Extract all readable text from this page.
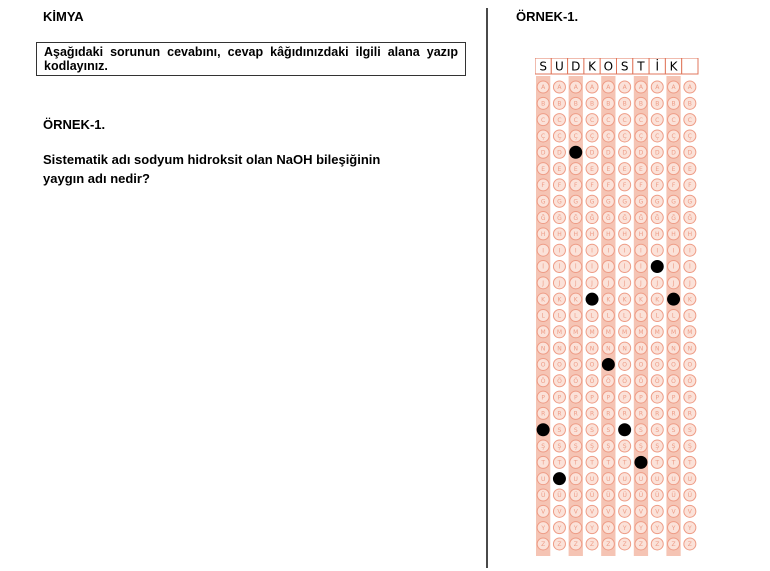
KİMYA
Aşağıdaki sorunun cevabını, cevap kâğıdınızdaki ilgili alana yazıp kodlayınız.
ÖRNEK-1.
Sistematik adı sodyum hidroksit olan NaOH bileşiğinin
yaygın adı nedir?
ÖRNEK-1.
S
A
B
C
Ç
D
E
F
G
Ğ
H
I
İ
J
K
L
M
N
O
Ö
P
R
Ş
T
U
Ü
V
Y
Z
U
A
B
C
Ç
D
E
F
G
Ğ
H
I
İ
J
K
L
M
N
O
Ö
P
R
S
Ş
T
Ü
V
Y
Z
D
A
B
C
Ç
E
F
G
Ğ
H
I
İ
J
K
L
M
N
O
Ö
P
R
S
Ş
T
U
Ü
V
Y
Z
K
A
B
C
Ç
D
E
F
G
Ğ
H
I
İ
J
L
M
N
O
Ö
P
R
S
Ş
T
U
Ü
V
Y
Z
O
A
B
C
Ç
D
E
F
G
Ğ
H
I
İ
J
K
L
M
N
Ö
P
R
S
Ş
T
U
Ü
V
Y
Z
S
A
B
C
Ç
D
E
F
G
Ğ
H
I
İ
J
K
L
M
N
O
Ö
P
R
Ş
T
U
Ü
V
Y
Z
T
A
B
C
Ç
D
E
F
G
Ğ
H
I
İ
J
K
L
M
N
O
Ö
P
R
S
Ş
U
Ü
V
Y
Z
İ
A
B
C
Ç
D
E
F
G
Ğ
H
I
J
K
L
M
N
O
Ö
P
R
S
Ş
T
U
Ü
V
Y
Z
K
A
B
C
Ç
D
E
F
G
Ğ
H
I
İ
J
L
M
N
O
Ö
P
R
S
Ş
T
U
Ü
V
Y
Z
A
B
C
Ç
D
E
F
G
Ğ
H
I
İ
J
K
L
M
N
O
Ö
P
R
S
Ş
T
U
Ü
V
Y
Z
